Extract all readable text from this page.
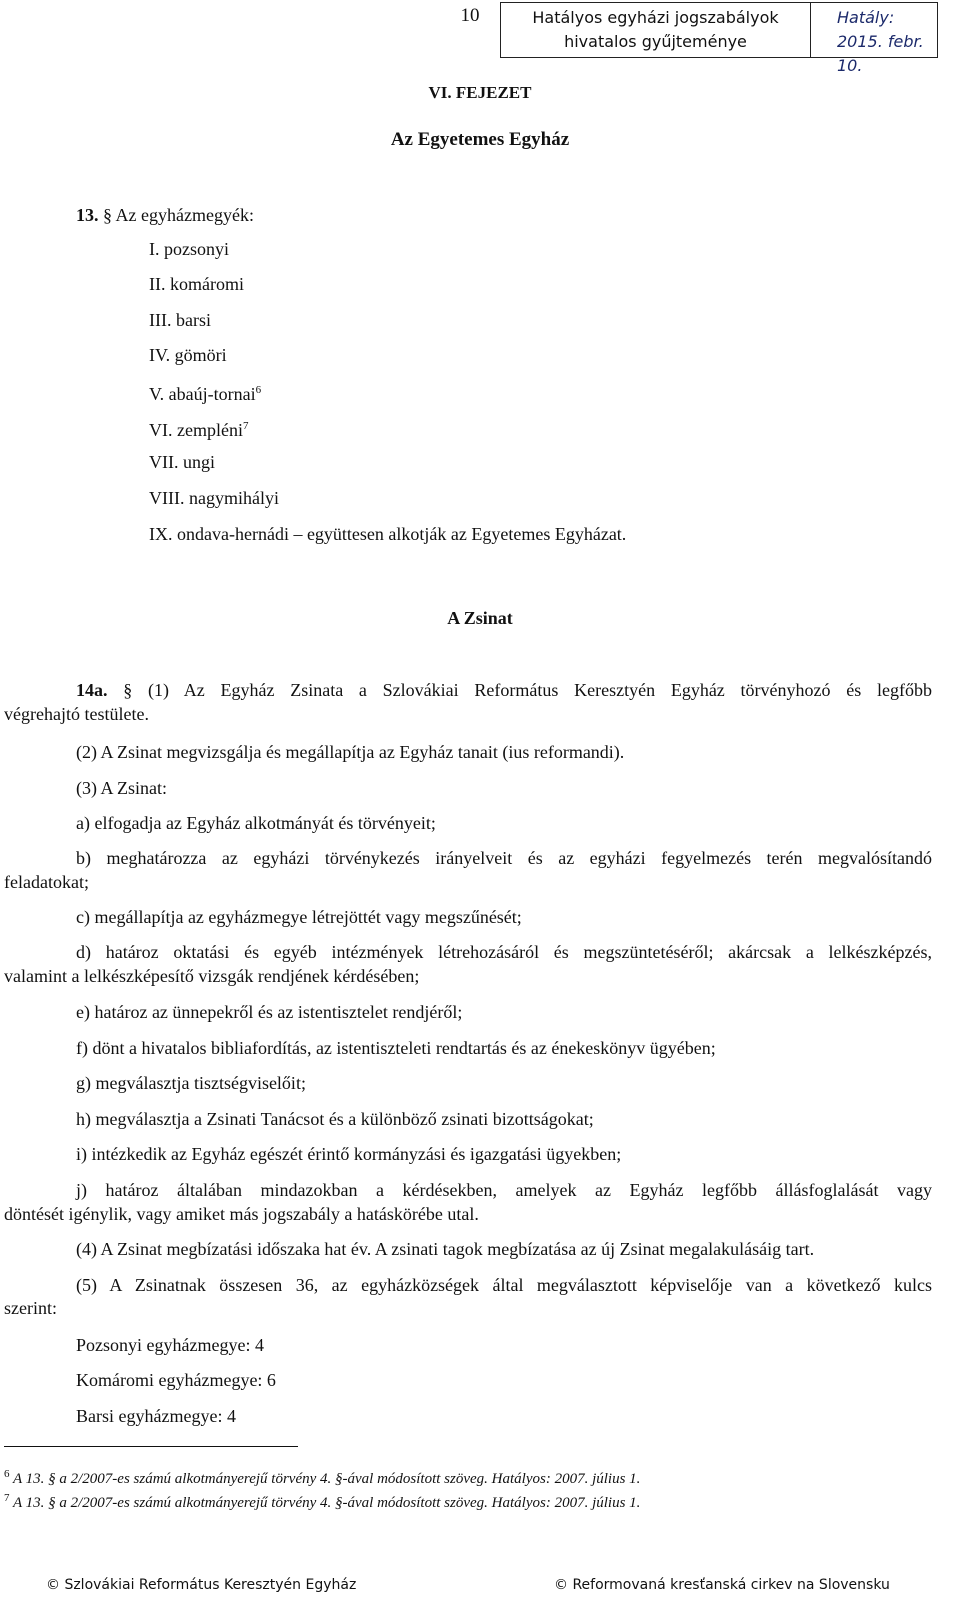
10	Hatályos egyházi jogszabályok
hivatalos gyűjteménye
Hatály:
2015. febr. 10.
VI. FEJEZET
Az Egyetemes Egyház
13. § Az egyházmegyék:
I. pozsonyi
II. komáromi
III. barsi
IV. gömöri
V. abaúj-tornai$^6$
VI. zempléni$^7$
VII. ungi
VIII. nagymihályi
IX. ondava-hernádi – együttesen alkotják az Egyetemes Egyházat.
A Zsinat
14a. § (1) Az Egyház Zsinata a Szlovákiai Református Keresztyén Egyház törvényhozó és legfőbb
végrehajtó testülete.
(2) A Zsinat megvizsgálja és megállapítja az Egyház tanait (ius reformandi).
(3) A Zsinat:
a) elfogadja az Egyház alkotmányát és törvényeit;
b) meghatározza az egyházi törvénykezés irányelveit és az egyházi fegyelmezés terén megvalósítandó
feladatokat;
c) megállapítja az egyházmegye létrejöttét vagy megszűnését;
d) határoz oktatási és egyéb intézmények létrehozásáról és megszüntetéséről; akárcsak a lelkészképzés,
valamint a lelkészképesítő vizsgák rendjének kérdésében;
e) határoz az ünnepekről és az istentisztelet rendjéről;
f) dönt a hivatalos bibliafordítás, az istentiszteleti rendtartás és az énekeskönyv ügyében;
g) megválasztja tisztségviselőit;
h) megválasztja a Zsinati Tanácsot és a különböző zsinati bizottságokat;
i) intézkedik az Egyház egészét érintő kormányzási és igazgatási ügyekben;
j) határoz általában mindazokban a kérdésekben, amelyek az Egyház legfőbb állásfoglalását vagy
döntését igénylik, vagy amiket más jogszabály a hatáskörébe utal.
(4) A Zsinat megbízatási időszaka hat év. A zsinati tagok megbízatása az új Zsinat megalakulásáig tart.
(5) A Zsinatnak összesen 36, az egyházközségek által megválasztott képviselője van a következő kulcs
szerint:
Pozsonyi egyházmegye: 4
Komáromi egyházmegye: 6
Barsi egyházmegye: 4
$^6$ A 13. § a 2/2007-es számú alkotmányerejű törvény 4. §-ával módosított szöveg. Hatályos: 2007. július 1.
$^7$ A 13. § a 2/2007-es számú alkotmányerejű törvény 4. §-ával módosított szöveg. Hatályos: 2007. július 1.
© Szlovákiai Református Keresztyén Egyház	© Reformovaná kresťanská cirkev na Slovensku
